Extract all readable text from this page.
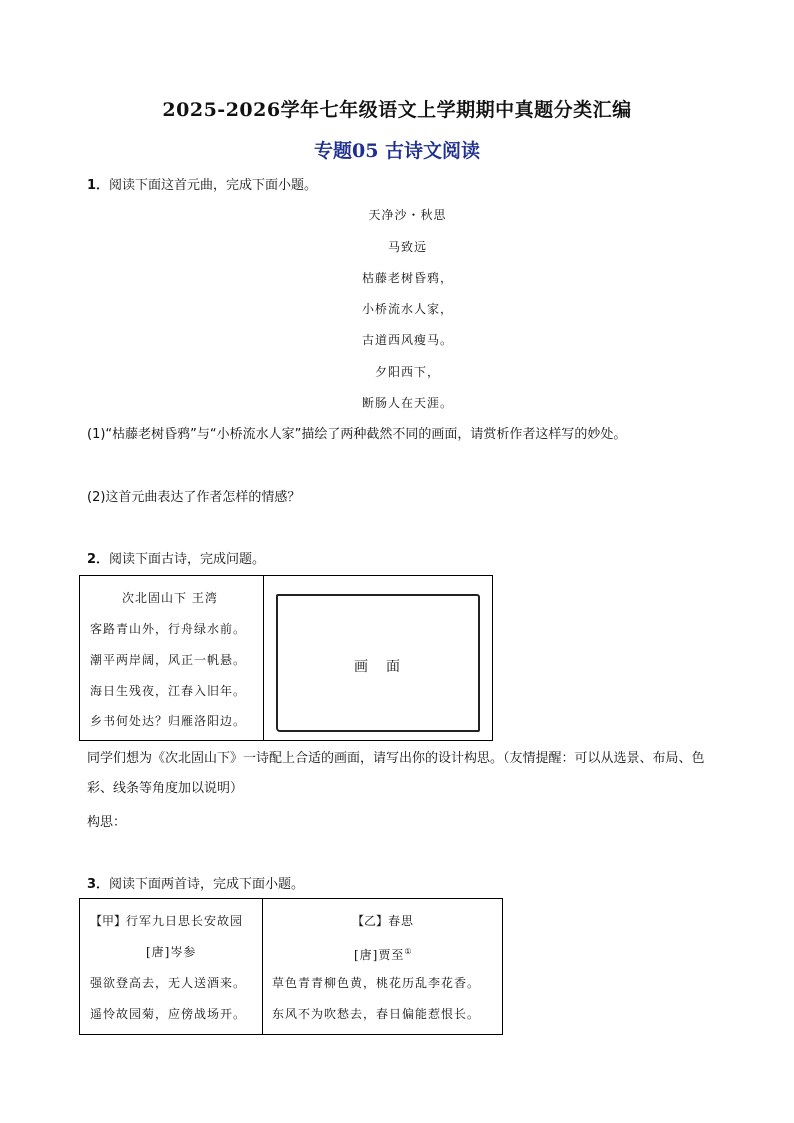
2025-2026学年七年级语文上学期期中真题分类汇编
专题05 古诗文阅读
1．阅读下面这首元曲，完成下面小题。
天净沙・秋思
马致远
枯藤老树昏鸦，
小桥流水人家，
古道西风瘦马。
夕阳西下，
断肠人在天涯。
(1)“枯藤老树昏鸦”与“小桥流水人家”描绘了两种截然不同的画面，请赏析作者这样写的妙处。
(2)这首元曲表达了作者怎样的情感？
2．阅读下面古诗，完成问题。
次北固山下 王湾
客路青山外，行舟绿水前。
潮平两岸阔，风正一帆悬。
海日生残夜，江春入旧年。
乡书何处达？归雁洛阳边。
画　面
同学们想为《次北固山下》一诗配上合适的画面，请写出你的设计构思。（友情提醒：可以从选景、布局、色彩、线条等角度加以说明）
构思：
3．阅读下面两首诗，完成下面小题。
【甲】行军九日思长安故园
[唐]岑参
强欲登高去，无人送酒来。
遥怜故园菊，应傍战场开。
【乙】春思
[唐]贾至①
草色青青柳色黄，桃花历乱李花香。
东风不为吹愁去，春日偏能惹恨长。
